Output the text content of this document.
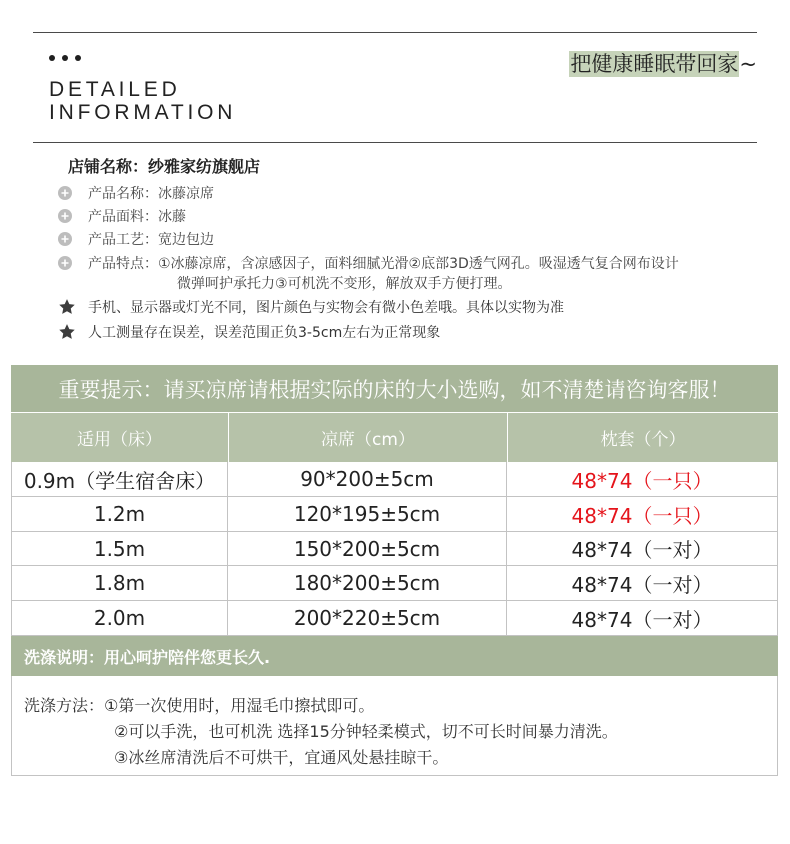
DETAILED
INFORMATION
把健康睡眠带回家~
店铺名称：纱雅家纺旗舰店
产品名称：冰藤凉席
产品面料：冰藤
产品工艺：宽边包边
产品特点：①冰藤凉席，含凉感因子，面料细腻光滑②底部3D透气网孔。吸湿透气复合网布设计
微弹呵护承托力③可机洗不变形，解放双手方便打理。
手机、显示器或灯光不同，图片颜色与实物会有微小色差哦。具体以实物为准
人工测量存在误差，误差范围正负3-5cm左右为正常现象
重要提示：请买凉席请根据实际的床的大小选购，如不清楚请咨询客服！
适用（床）	凉席（cm）	枕套（个）
0.9m（学生宿舍床）	90*200±5cm	48*74（一只）
1.2m	120*195±5cm	48*74（一只）
1.5m	150*200±5cm	48*74（一对）
1.8m	180*200±5cm	48*74（一对）
2.0m	200*220±5cm	48*74（一对）
洗涤说明：用心呵护陪伴您更长久.
洗涤方法：①第一次使用时，用湿毛巾擦拭即可。
②可以手洗，也可机洗 选择15分钟轻柔模式，切不可长时间暴力清洗。
③冰丝席清洗后不可烘干，宜通风处悬挂晾干。
